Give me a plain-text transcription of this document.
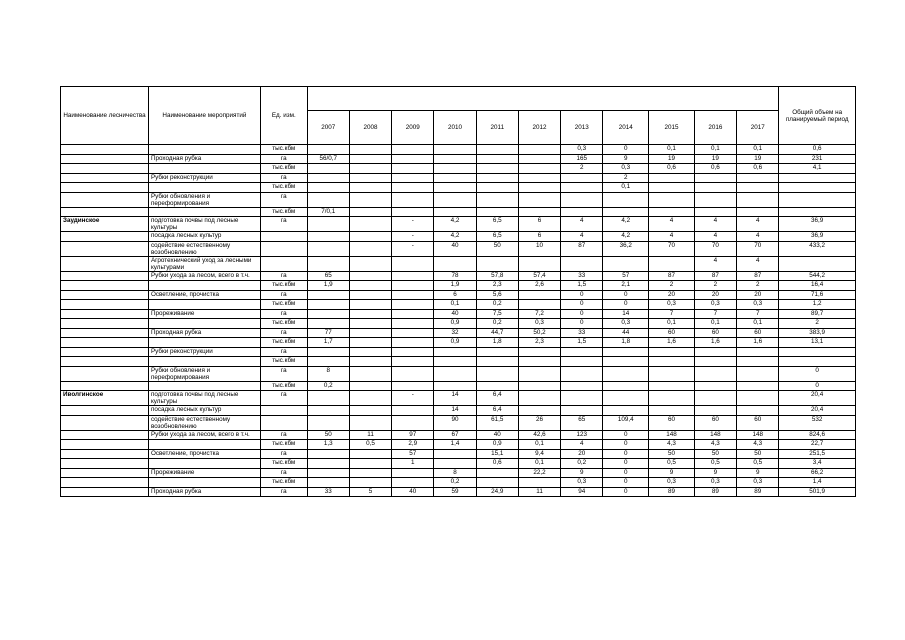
Наименование лесничества	Наименование мероприятий	Ед. изм.												Общий объем на планируемый период
			2007	2008	2009	2010	2011	2012	2013	2014	2015	2016	2017	
		тыс.кбм							0,3	0	0,1	0,1	0,1	0,6
	Проходная рубка	га	56/0,7						165	9	19	19	19	231
		тыс.кбм							2	0,3	0,6	0,6	0,6	4,1
	Рубки реконструкции	га								2				
		тыс.кбм								0,1				
	Рубки обновления и переформирования	га												
		тыс.кбм	7/0,1											
Заудинское	подготовка почвы под лесные культуры	га			-	4,2	6,5	6	4	4,2	4	4	4	36,9
	посадка лесных культур				-	4,2	6,5	6	4	4,2	4	4	4	36,9
	содействие естественному возобновлению				-	40	50	10	87	36,2	70	70	70	433,2
	Агротехнический уход за лесными культурами											4	4	
	Рубки ухода за лесом, всего в т.ч.	га	65			78	57,8	57,4	33	57	87	87	87	544,2
		тыс.кбм	1,9			1,9	2,3	2,6	1,5	2,1	2	2	2	16,4
	Осветление, прочистка	га				6	5,6		0	0	20	20	20	71,6
		тыс.кбм				0,1	0,2		0	0	0,3	0,3	0,3	1,2
	Прореживание	га				40	7,5	7,2	0	14	7	7	7	89,7
		тыс.кбм				0,9	0,2	0,3	0	0,3	0,1	0,1	0,1	2
	Проходная рубка	га	77			32	44,7	50,2	33	44	60	60	60	383,9
		тыс.кбм	1,7			0,9	1,8	2,3	1,5	1,8	1,6	1,6	1,6	13,1
	Рубки реконструкции	га												
		тыс.кбм												
	Рубки обновления и переформирования	га	8											0
		тыс.кбм	0,2											0
Иволгинское	подготовка почвы под лесные культуры	га			-	14	6,4							20,4
	посадка лесных культур					14	6,4							20,4
	содействие естественному возобновлению					90	61,5	26	65	109,4	60	60	60	532
	Рубки ухода за лесом, всего в т.ч.	га	50	11	97	67	40	42,6	123	0	148	148	148	824,6
		тыс.кбм	1,3	0,5	2,9	1,4	0,9	0,1	4	0	4,3	4,3	4,3	22,7
	Осветление, прочистка	га			57		15,1	9,4	20	0	50	50	50	251,5
		тыс.кбм			1		0,6	0,1	0,2	0	0,5	0,5	0,5	3,4
	Прореживание	га				8		22,2	9	0	9	9	9	66,2
		тыс.кбм				0,2			0,3	0	0,3	0,3	0,3	1,4
	Проходная рубка	га	33	5	40	59	24,9	11	94	0	89	89	89	501,9
